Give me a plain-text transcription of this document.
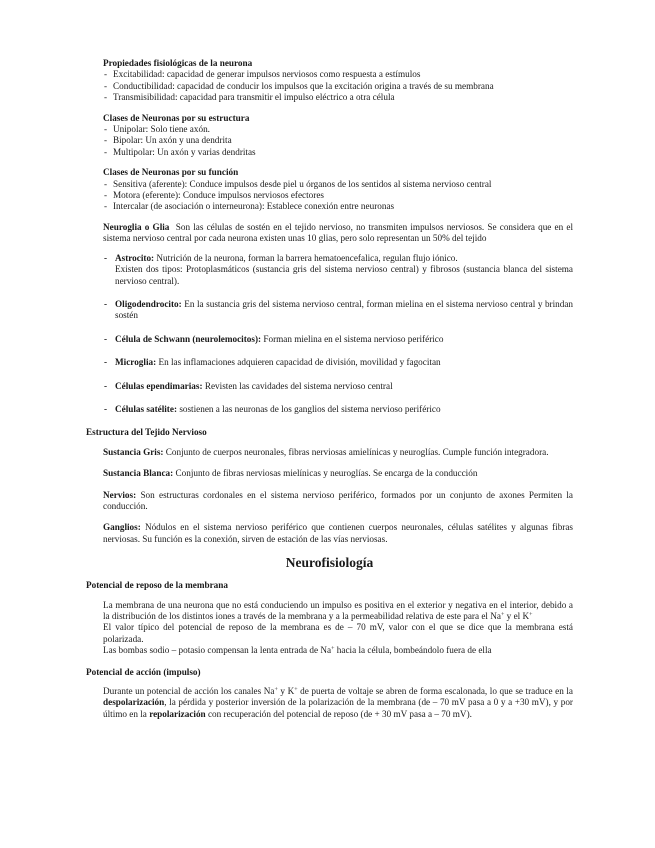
Propiedades fisiológicas de la neurona
- Excitabilidad: capacidad de generar impulsos nerviosos como respuesta a estímulos
- Conductibilidad: capacidad de conducir los impulsos que la excitación origina a través de su membrana
- Transmisibilidad: capacidad para transmitir el impulso eléctrico a otra célula
Clases de Neuronas por su estructura
- Unipolar: Solo tiene axón.
- Bipolar: Un axón y una dendrita
- Multipolar: Un axón y varias dendritas
Clases de Neuronas por su función
- Sensitiva (aferente): Conduce impulsos desde piel u órganos de los sentidos al sistema nervioso central
- Motora (eferente): Conduce impulsos nerviosos efectores
- Intercalar (de asociación o interneurona): Establece conexión entre neuronas
Neuroglia o Glia Son las células de sostén en el tejido nervioso, no transmiten impulsos nerviosos. Se considera que en el sistema nervioso central por cada neurona existen unas 10 glias, pero solo representan un 50% del tejido
- Astrocito: Nutrición de la neurona, forman la barrera hematoencefalica, regulan flujo iónico.
Existen dos tipos: Protoplasmáticos (sustancia gris del sistema nervioso central) y fibrosos (sustancia blanca del sistema nervioso central).
- Oligodendrocito: En la sustancia gris del sistema nervioso central, forman mielina en el sistema nervioso central y brindan sostén
- Célula de Schwann (neurolemocitos): Forman mielina en el sistema nervioso periférico
- Microglia: En las inflamaciones adquieren capacidad de división, movilidad y fagocitan
- Células ependimarias: Revisten las cavidades del sistema nervioso central
- Células satélite: sostienen a las neuronas de los ganglios del sistema nervioso periférico
Estructura del Tejido Nervioso
Sustancia Gris: Conjunto de cuerpos neuronales, fibras nerviosas amielínicas y neuroglías. Cumple función integradora.
Sustancia Blanca: Conjunto de fibras nerviosas mielínicas y neuroglías. Se encarga de la conducción
Nervios: Son estructuras cordonales en el sistema nervioso periférico, formados por un conjunto de axones Permiten la conducción.
Ganglios: Nódulos en el sistema nervioso periférico que contienen cuerpos neuronales, células satélites y algunas fibras nerviosas. Su función es la conexión, sirven de estación de las vías nerviosas.
Neurofisiología
Potencial de reposo de la membrana
La membrana de una neurona que no está conduciendo un impulso es positiva en el exterior y negativa en el interior, debido a la distribución de los distintos iones a través de la membrana y a la permeabilidad relativa de este para el Na+ y el K+
El valor típico del potencial de reposo de la membrana es de – 70 mV, valor con el que se dice que la membrana está polarizada.
Las bombas sodio – potasio compensan la lenta entrada de Na+ hacia la célula, bombeándolo fuera de ella
Potencial de acción (impulso)
Durante un potencial de acción los canales Na+ y K+ de puerta de voltaje se abren de forma escalonada, lo que se traduce en la despolarización, la pérdida y posterior inversión de la polarización de la membrana (de – 70 mV pasa a 0 y a +30 mV), y por último en la repolarización con recuperación del potencial de reposo (de + 30 mV pasa a – 70 mV).
